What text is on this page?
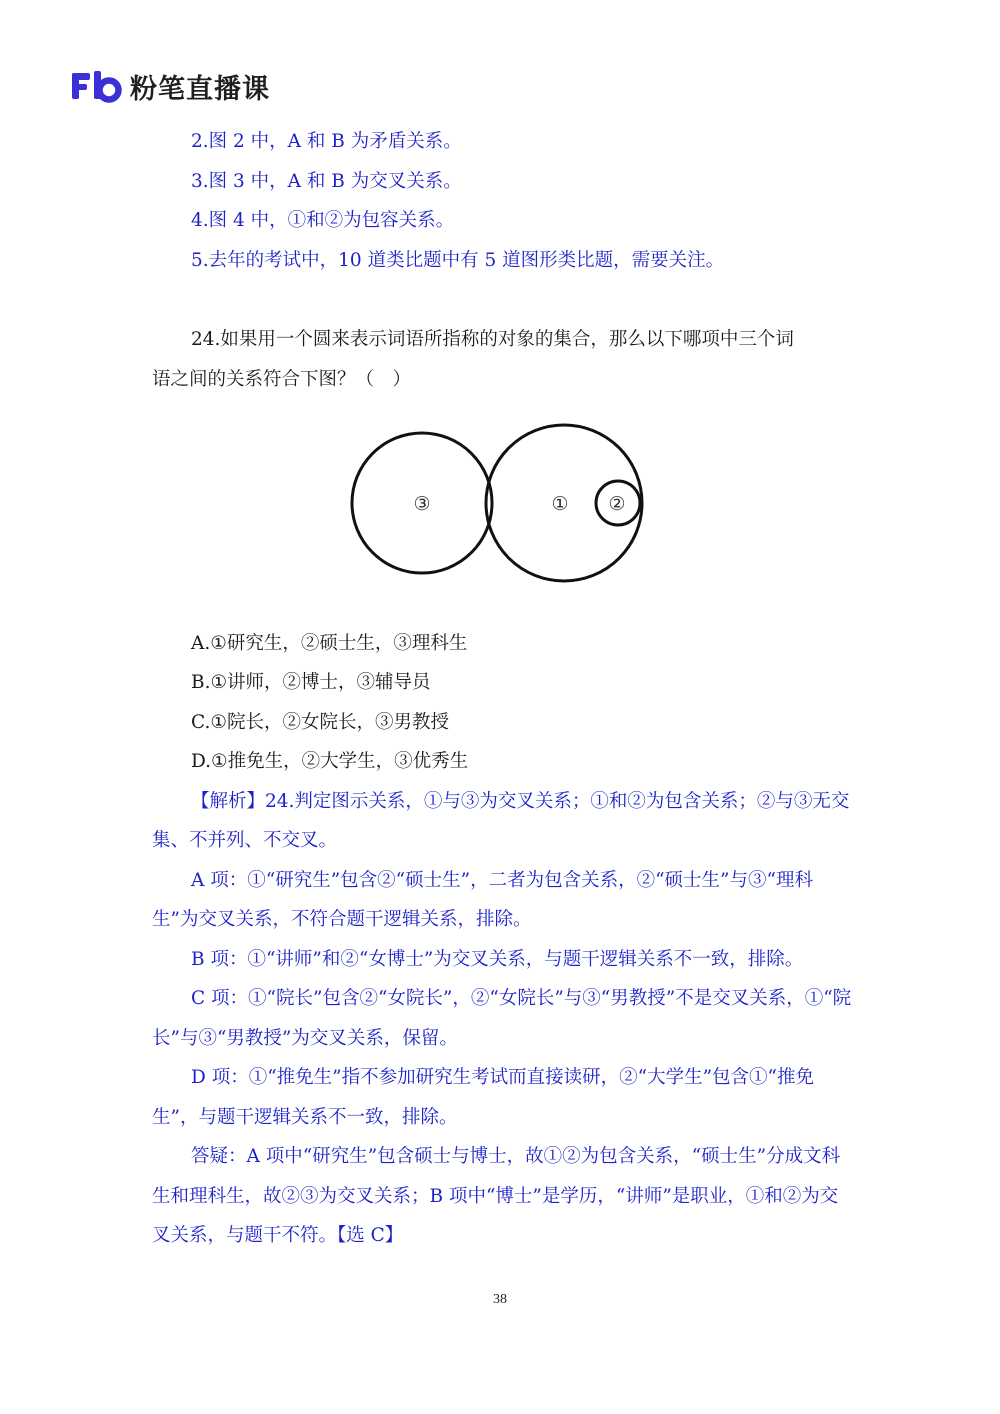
粉笔直播课

2.图 2 中，A 和 B 为矛盾关系。

3.图 3 中，A 和 B 为交叉关系。

4.图 4 中，①和②为包容关系。

5.去年的考试中，10 道类比题中有 5 道图形类比题，需要关注。

24.如果用一个圆来表示词语所指称的对象的集合，那么以下哪项中三个词

语之间的关系符合下图？（　）

③	① ②

A.①研究生，②硕士生，③理科生

B.①讲师，②博士，③辅导员

C.①院长，②女院长，③男教授

D.①推免生，②大学生，③优秀生

【解析】24.判定图示关系，①与③为交叉关系；①和②为包含关系；②与③无交集、不并列、不交叉。

A 项：①“研究生”包含②“硕士生”，二者为包含关系，②“硕士生”与③“理科生”为交叉关系，不符合题干逻辑关系，排除。

B 项：①“讲师”和②“女博士”为交叉关系，与题干逻辑关系不一致，排除。

C 项：①“院长”包含②“女院长”，②“女院长”与③“男教授”不是交叉关系，①“院长”与③“男教授”为交叉关系，保留。

D 项：①“推免生”指不参加研究生考试而直接读研，②“大学生”包含①“推免生”，与题干逻辑关系不一致，排除。

答疑：A 项中“研究生”包含硕士与博士，故①②为包含关系，“硕士生”分成文科生和理科生，故②③为交叉关系；B 项中“博士”是学历，“讲师”是职业，①和②为交叉关系，与题干不符。【选 C】

38
